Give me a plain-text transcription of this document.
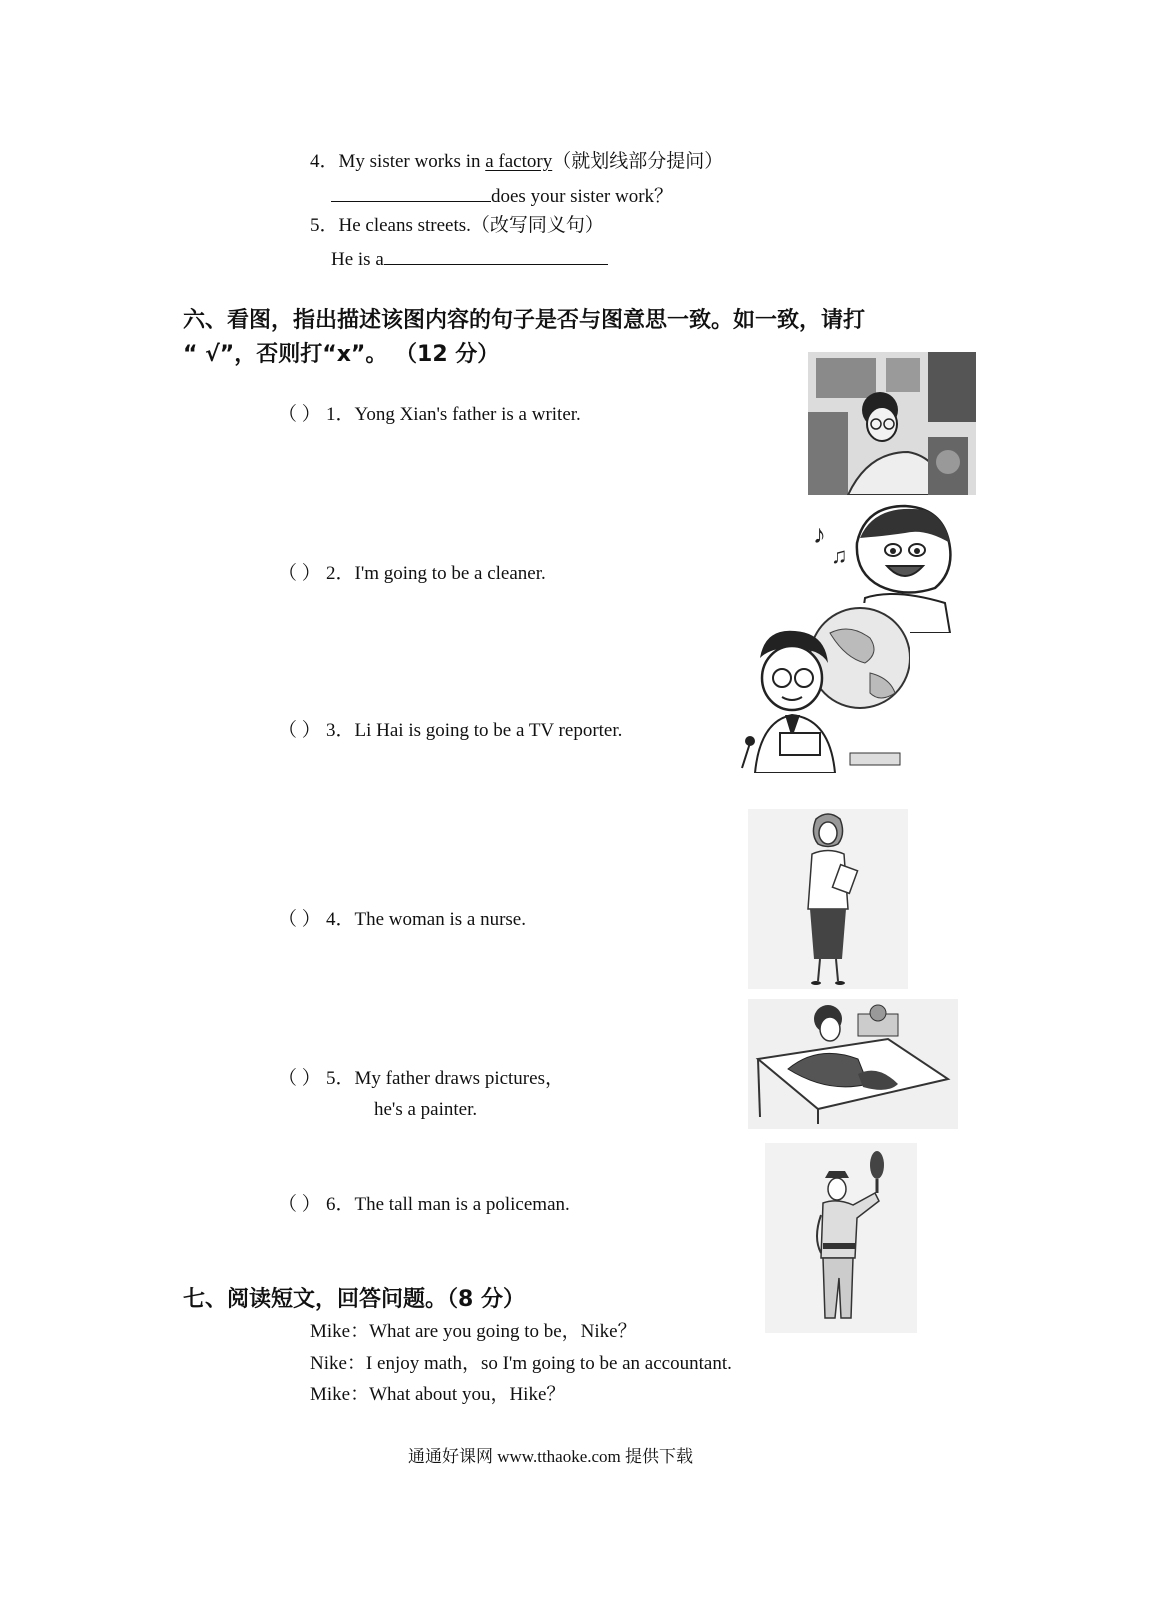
4．My sister works in a factory（就划线部分提问）
does your sister work？
5．He cleans streets.（改写同义句）
He is a
六、看图，指出描述该图内容的句子是否与图意思一致。如一致，请打
“ √”，否则打“x”。 （12 分）
（ ） 1．Yong Xian's father is a writer.
（ ） 2．I'm going to be a cleaner.
（ ） 3．Li Hai is going to be a TV reporter.
（ ） 4．The woman is a nurse.
（ ） 5．My father draws pictures，
he's a painter.
（ ） 6．The tall man is a policeman.
♪
♫
七、阅读短文，回答问题。（8 分）
Mike：What are you going to be，Nike？
Nike：I enjoy math，so I'm going to be an accountant.
Mike：What about you，Hike？
通通好课网 www.tthaoke.com 提供下载
